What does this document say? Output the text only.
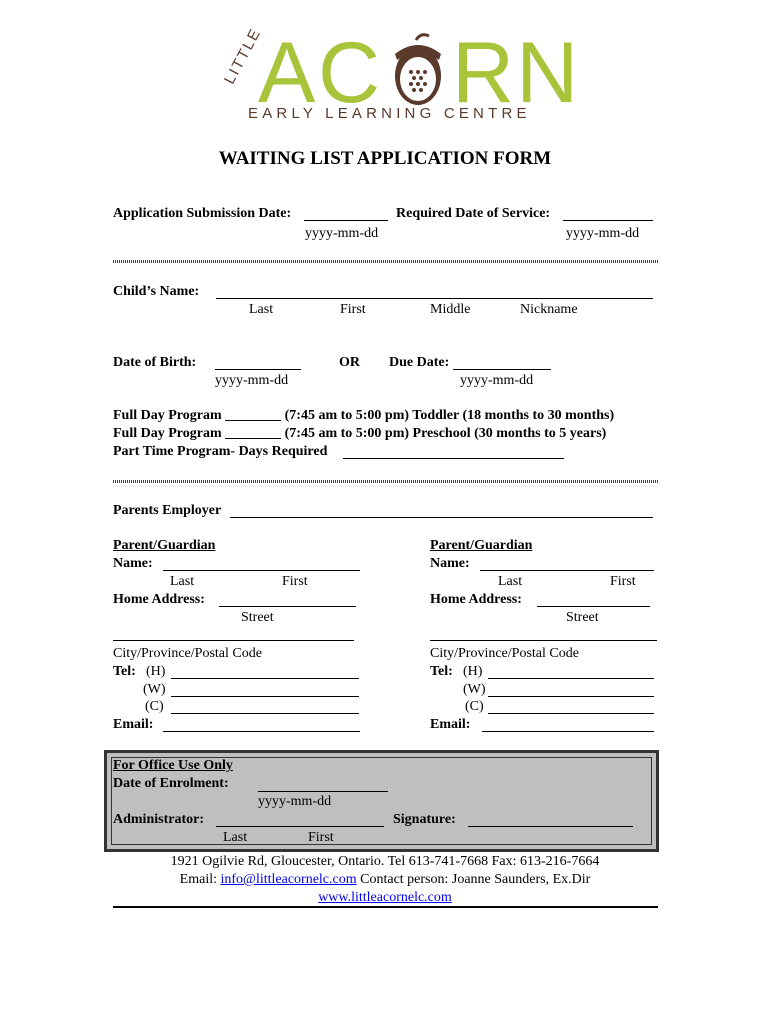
LITTLE
A C RN
EARLY LEARNING CENTRE
WAITING LIST APPLICATION FORM
Application Submission Date:	Required Date of Service:
yyyy-mm-dd	yyyy-mm-dd
Child’s Name:
Last	First	Middle	Nickname
Date of Birth:	OR Due Date:
yyyy-mm-dd	yyyy-mm-dd
Full Day Program ________ (7:45 am to 5:00 pm) Toddler (18 months to 30 months)
Full Day Program ________ (7:45 am to 5:00 pm) Preschool (30 months to 5 years)
Part Time Program- Days Required
Parents Employer
Parent/Guardian
Name:
Last	First
Home Address:
Street
City/Province/Postal Code
Tel: (H)
(W)
(C)
Email:
Parent/Guardian
Name:
Last	First
Home Address:
Street
City/Province/Postal Code
Tel: (H)
(W)
(C)
Email:
For Office Use Only
Date of Enrolment:
yyyy-mm-dd
Administrator:	Signature:
Last	First
1921 Ogilvie Rd, Gloucester, Ontario. Tel 613-741-7668 Fax: 613-216-7664
Email: info@littleacornelc.com Contact person: Joanne Saunders, Ex.Dir
www.littleacornelc.com
